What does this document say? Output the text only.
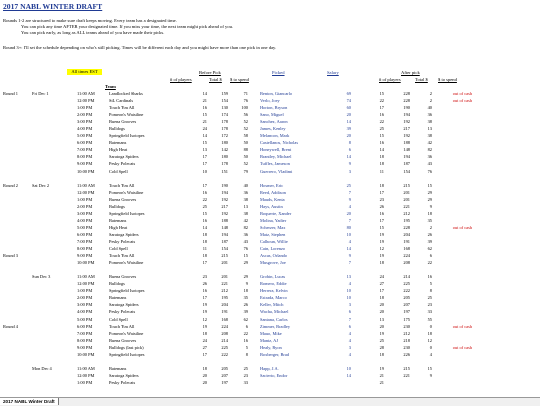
2017 NABL WINTER DRAFT
Rounds 1-2 are structured to make sure draft keeps moving. Every team has a designated time.
You can pick any time AFTER your designated time. If you miss your time, the next team might pick ahead of you.
You can pick early, as long as ALL teams ahead of you have made their picks.
Round 3+: I'll set the schedule depending on who's still picking. Times will be different each day and you might have more than one pick in one day.
All times EST	Before Pick	Picked	Salary	After pick
# of players	Total $ $ to spend	# of players	Total $ $ to spend
Team
Round 1	Fri Dec 1	11:00 AM	Landlocked Sharks	14	159	71	Benton, Giancarlo	69	15	228	2	out of cash
		12:00 PM	StL Cardinals	21	154	76	Verlo, Joey	74	22	228	2	out of cash
		1:00 PM	Touch 'Em All	16	130	100	Horton, Bryson	60	17	190	40	
		2:00 PM	Pomeon's Waistline	15	174	56	Sano, Miguel	20	16	194	36	
		3:00 PM	Buena Grooves	21	178	52	Sanchez, Aaron	14	22	192	38	
		4:00 PM	Bulldogs	24	178	52	James, Kenley	39	25	217	13	
		5:00 PM	Springfield Isotopes	14	172	58	Melancon, Mark	20	15	192	38	
		6:00 PM	Batemans	15	180	50	Castellanos, Nicholas	8	16	188	42	
		7:00 PM	High Heat	13	142	88	Honeywell, Brent	6	14	148	82	
		8:00 PM	Saratoga Spiders	17	180	50	Brantley, Michael	14	18	194	36	
		9:00 PM	Pesky Polecats	17	178	52	Tuffles, Jameson	9	18	187	43	
		10:00 PM	Cold Spell	10	151	79	Guerrero, Vladimi	3	11	154	76	

Round 2	Sat Dec 2	11:00 AM	Touch 'Em All	17	190	40	Hosmer, Eric	25	18	215	15	
		12:00 PM	Pomeon's Waistline	16	194	36	Reed, Addison	7	17	201	29	
		1:00 PM	Buena Grooves	22	192	38	Mauds, Kenta	9	23	201	29	
		2:00 PM	Bulldogs	25	217	13	Hays, Austin	4	26	221	9	
		3:00 PM	Springfield Isotopes	15	192	38	Boquerte, Xander	20	16	212	18	
		4:00 PM	Batemans	16	188	42	Molina, Yadier	7	17	195	35	
		5:00 PM	High Heat	14	148	82	Scherzer, Max	80	15	228	2	out of cash
		6:00 PM	Saratoga Spiders	18	194	36	Matz, Stephen	10	19	204	26	
		7:00 PM	Pesky Polecats	18	187	43	Calhoun, Willie	4	19	191	39	
		8:00 PM	Cold Spell	11	154	76	Cain, Lorenzo	14	12	168	62	
Round 3		9:00 PM	Touch 'Em All	18	215	15	Ascas, Orlando	9	19	224	6	
		10:00 PM	Pomeon's Waistline	17	201	29	Musgrove, Joe	7	18	208	22	

	Sun Dec 3	11:00 AM	Buena Grooves	23	201	29	Grobin, Lucas	13	24	214	16	
		12:00 PM	Bulldogs	26	221	9	Romero, Eddie	4	27	225	5	
		1:00 PM	Springfield Isotopes	16	212	18	Herrera, Kelvin	10	17	222	8	
		2:00 PM	Batemans	17	195	35	Estrada, Marco	10	18	205	25	
		3:00 PM	Saratoga Spiders	19	204	26	Keller, Mitch	3	20	207	23	
		4:00 PM	Pesky Polecats	19	191	39	Wacha, Michael	6	20	197	33	
		5:00 PM	Cold Spell	12	168	62	Santana, Carlos	7	13	175	55	
Round 4		6:00 PM	Touch 'Em All	19	224	6	Zimmer, Bradley	6	20	230	0	out of cash
		7:00 PM	Pomeon's Waistline	18	208	22	Mauo, Mike	4	19	212	18	
		8:00 PM	Buena Grooves	24	214	16	Mantz, AJ	4	25	218	12	
		9:00 PM	Bulldogs (last pick)	27	225	5	Healy, Ryon	3	28	230	0	out of cash
		10:00 PM	Springfield Isotopes	17	222	8	Boxberger, Brad	4	18	226	4	

	Mon Dec 4	11:00 AM	Batemans	18	205	25	Happ, J.A.	10	19	215	15	
		12:00 PM	Saratoga Spiders	20	207	23	Sacierto, Endor	14	21	221	9	
		1:00 PM	Pesky Polecats	20	197	33			21			
2017 NABL Winter Draft
